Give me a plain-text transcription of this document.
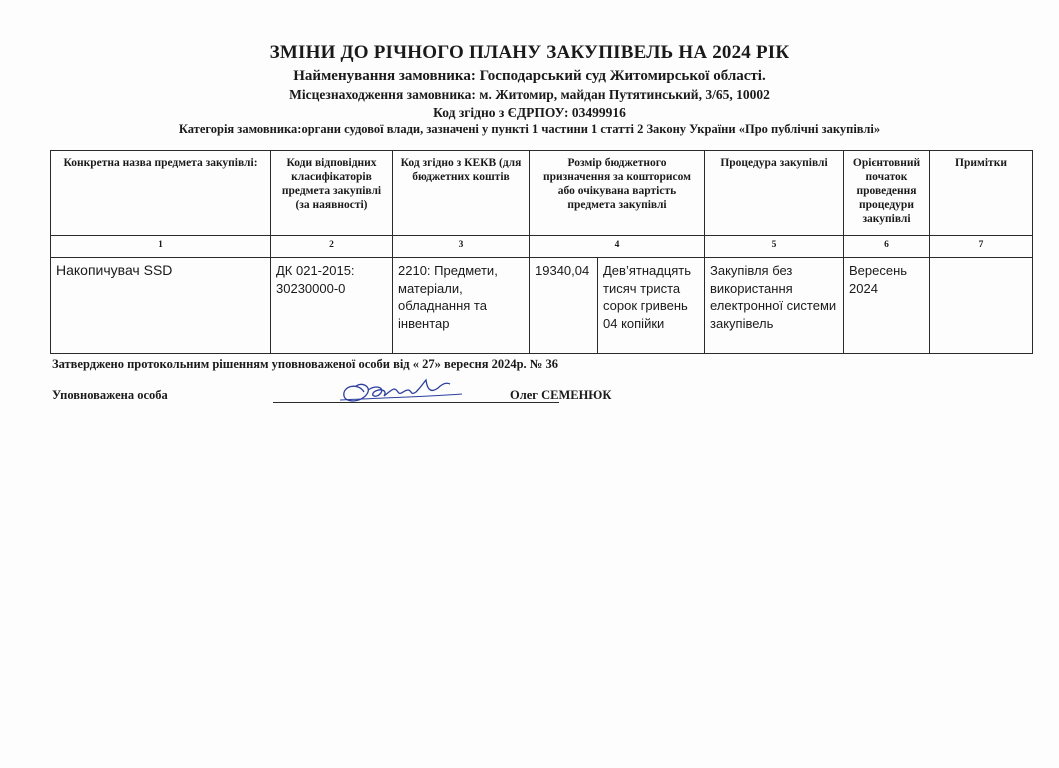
ЗМІНИ ДО РІЧНОГО ПЛАНУ ЗАКУПІВЕЛЬ НА 2024 РІК
Найменування замовника: Господарський суд Житомирської області.
Місцезнаходження замовника: м. Житомир, майдан Путятинський, 3/65, 10002
Код згідно з ЄДРПОУ: 03499916
Категорія замовника:органи судової влади, зазначені у пункті 1 частини 1 статті 2 Закону України «Про публічні закупівлі»
Конкретна назва предмета закупівлі:	Коди відповідних класифікаторів предмета закупівлі (за наявності)	Код згідно з КЕКВ (для бюджетних коштів	Розмір бюджетного призначення за кошторисом або очікувана вартість предмета закупівлі		Процедура закупівлі	Орієнтовний початок проведення процедури закупівлі	Примітки
1	2	3	4		5	6	7
Накопичувач SSD	ДК 021-2015: 30230000-0	2210: Предмети, матеріали, обладнання та інвентар	19340,04	Дев’ятнадцять тисяч триста сорок гривень 04 копійки	Закупівля без використання електронної системи закупівель	Вересень 2024	
Затверджено протокольним рішенням уповноваженої особи від « 27» вересня 2024р. № 36
Уповноважена особа	Олег СЕМЕНЮК
